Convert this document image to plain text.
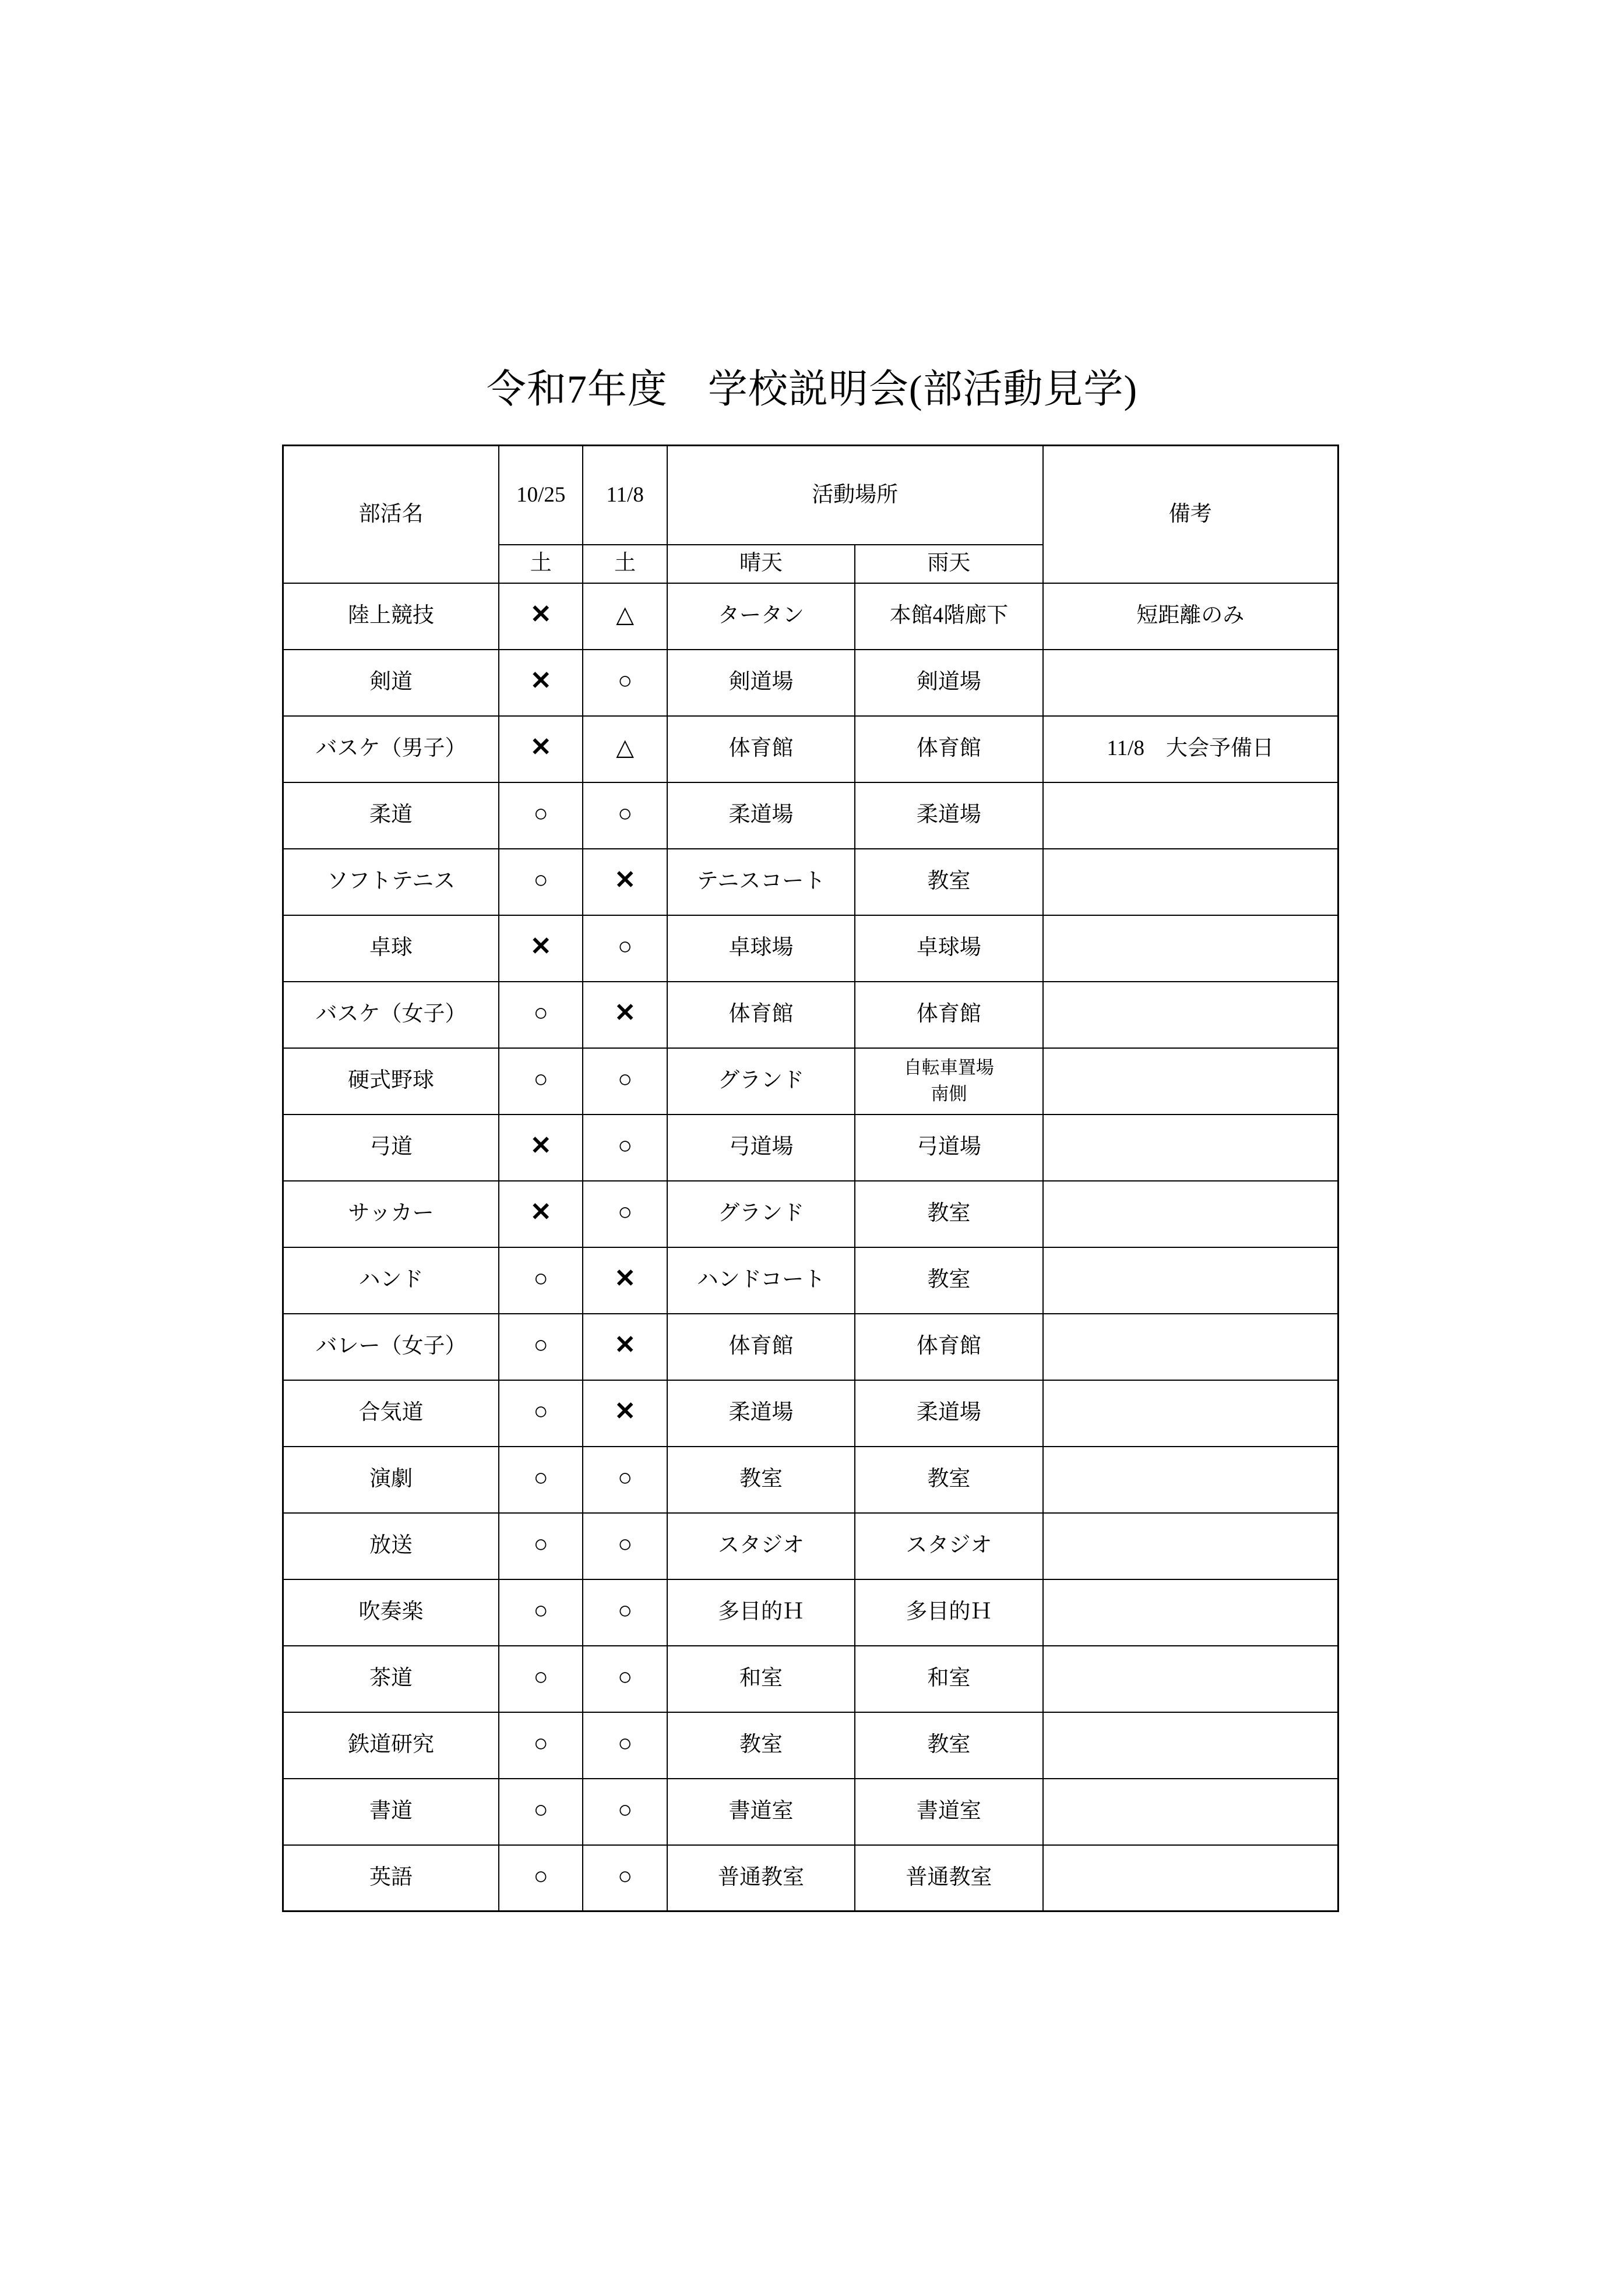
令和7年度　学校説明会(部活動見学)
部活名	10/25	11/8	活動場所		備考

	土	土	晴天	雨天	
陸上競技	✕	△	タータン	本館4階廊下	短距離のみ
剣道	✕	○	剣道場	剣道場	
バスケ（男子）	✕	△	体育館	体育館	11/8　大会予備日
柔道	○	○	柔道場	柔道場	
ソフトテニス	○	✕	テニスコート	教室	
卓球	✕	○	卓球場	卓球場	
バスケ（女子）	○	✕	体育館	体育館	
硬式野球	○	○	グランド	自転車置場
南側	
弓道	✕	○	弓道場	弓道場	
サッカー	✕	○	グランド	教室	
ハンド	○	✕	ハンドコート	教室	
バレー（女子）	○	✕	体育館	体育館	
合気道	○	✕	柔道場	柔道場	
演劇	○	○	教室	教室	
放送	○	○	スタジオ	スタジオ	
吹奏楽	○	○	多目的Ｈ	多目的Ｈ	
茶道	○	○	和室	和室	
鉄道研究	○	○	教室	教室	
書道	○	○	書道室	書道室	
英語	○	○	普通教室	普通教室	
